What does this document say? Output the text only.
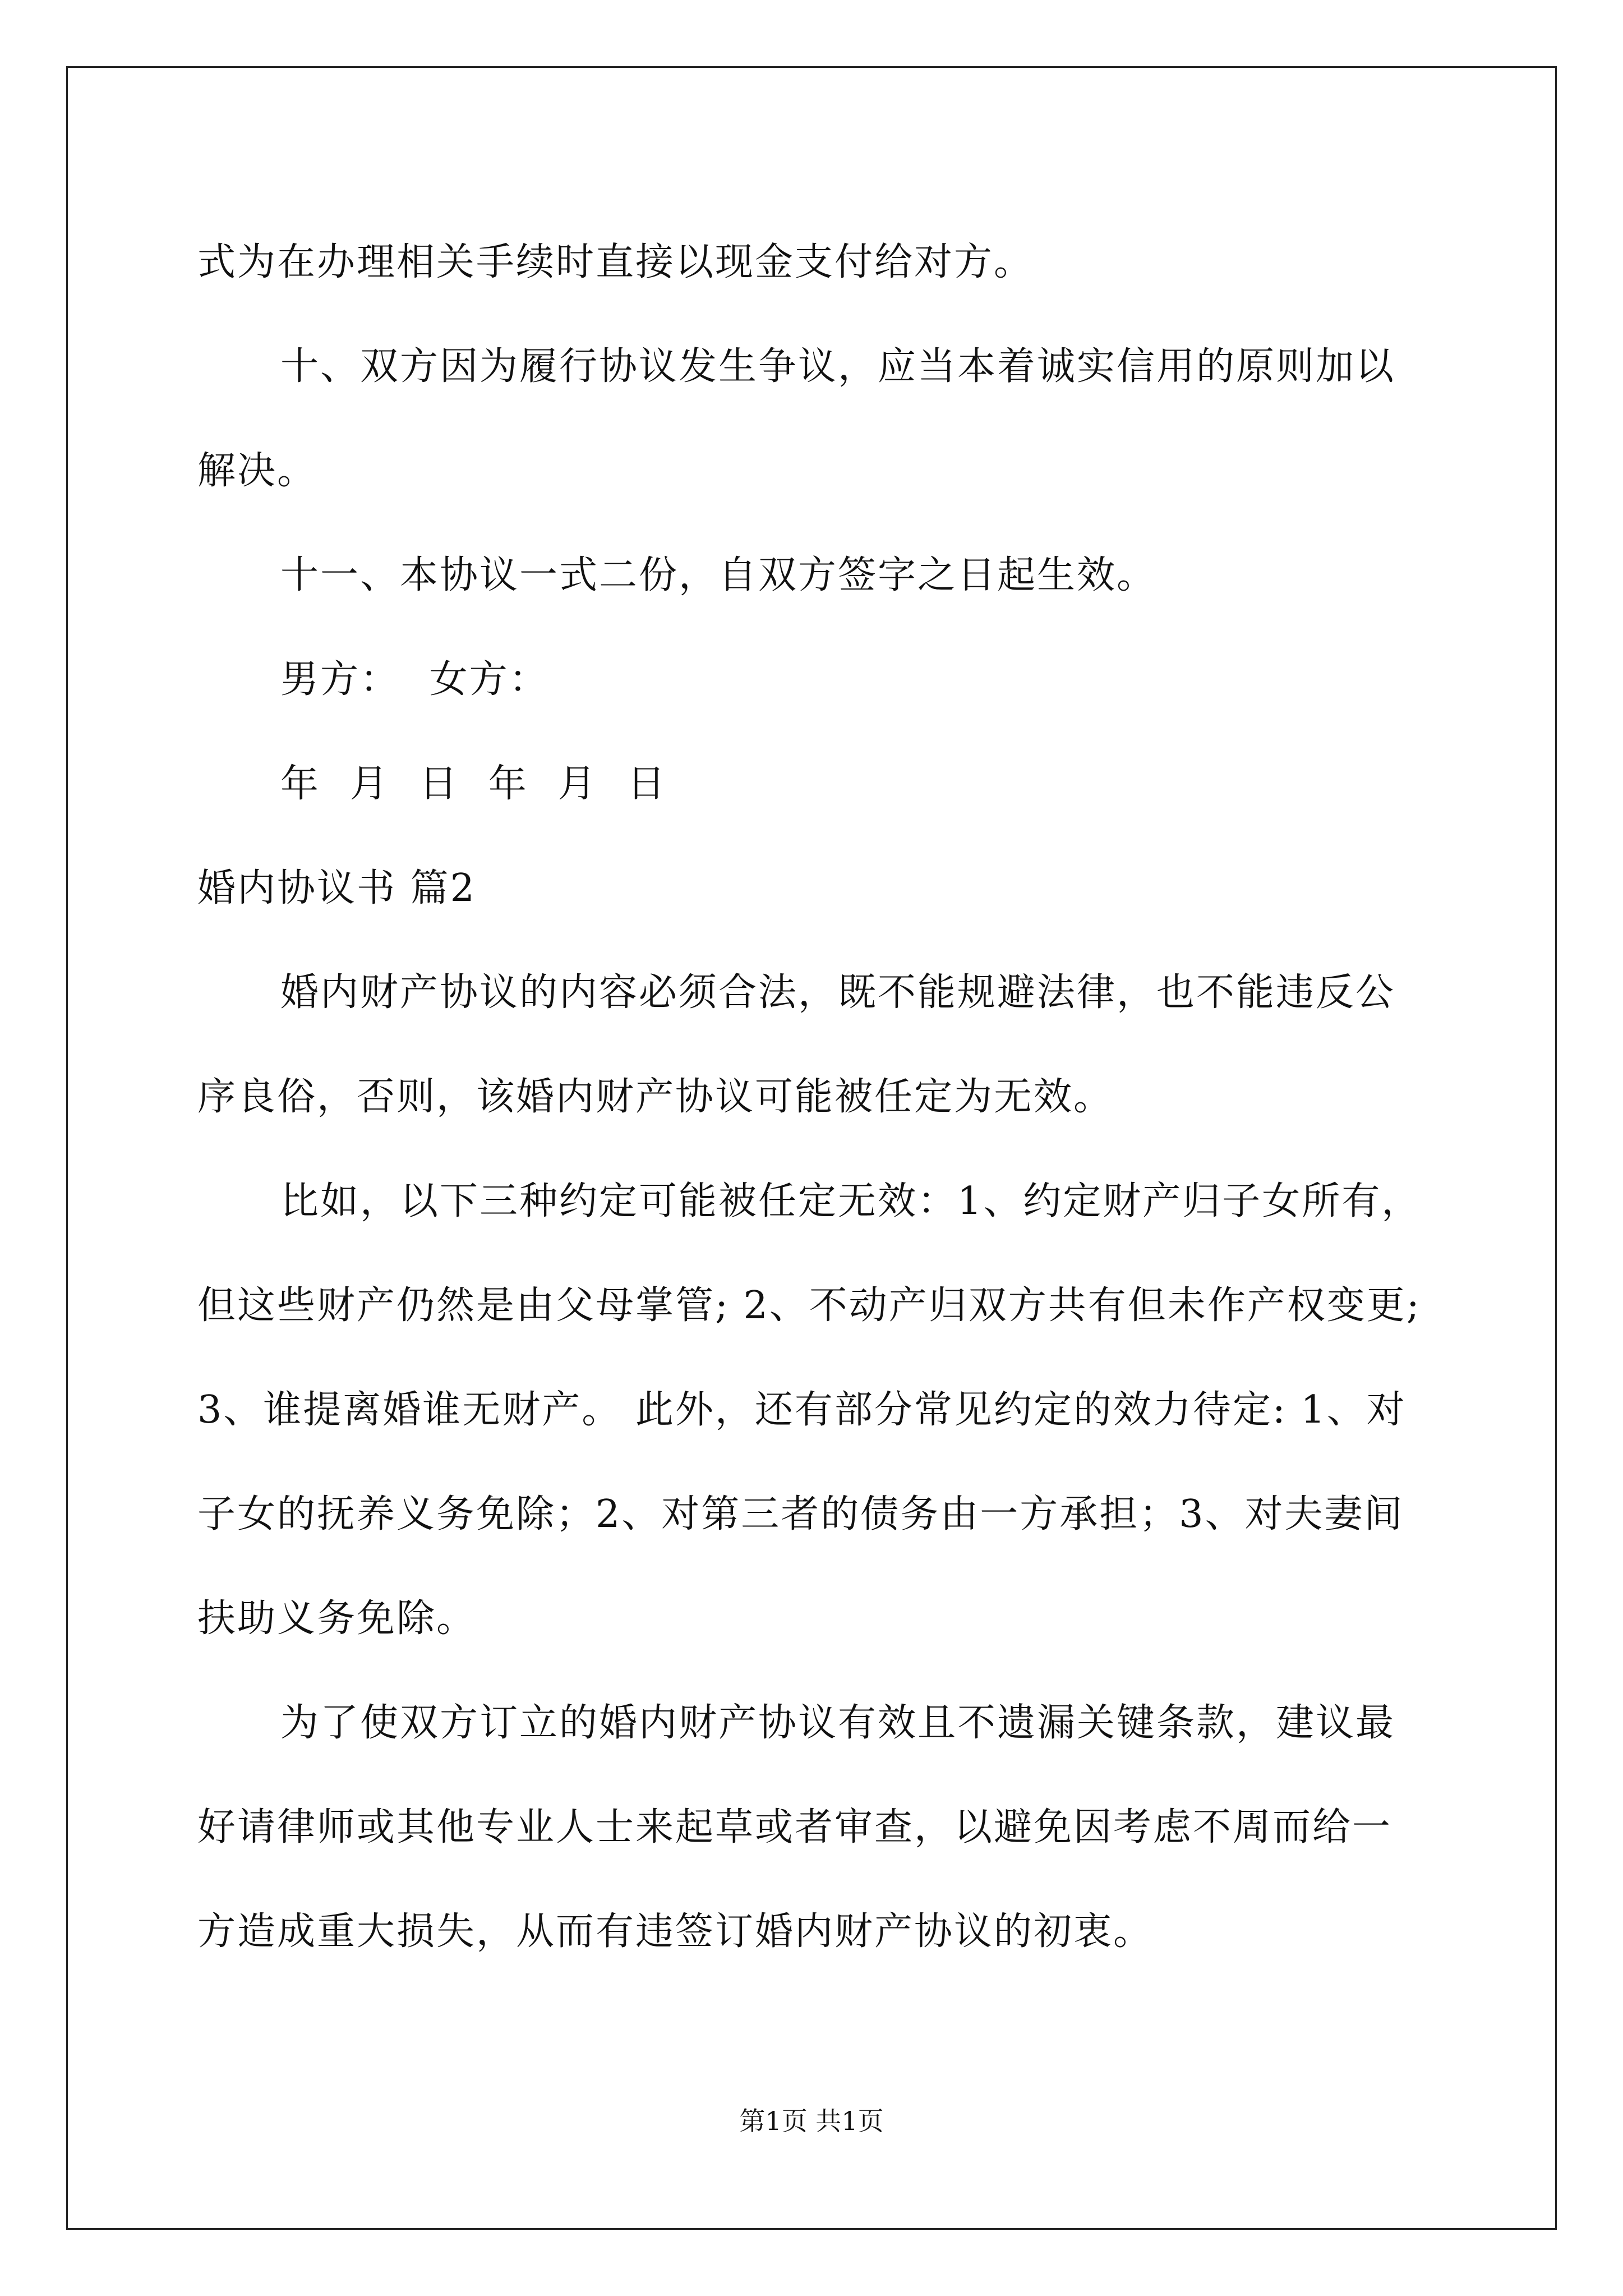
式为在办理相关手续时直接以现金支付给对方。
十、双方因为履行协议发生争议，应当本着诚实信用的原则加以
解决。
十一、本协议一式二份，自双方签字之日起生效。
男方： 女方：
年 月 日 年 月 日
婚内协议书 篇2
婚内财产协议的内容必须合法，既不能规避法律，也不能违反公
序良俗，否则，该婚内财产协议可能被任定为无效。
比如，以下三种约定可能被任定无效：1、约定财产归子女所有，
但这些财产仍然是由父母掌管; 2、不动产归双方共有但未作产权变更;
3、谁提离婚谁无财产。 此外，还有部分常见约定的效力待定: 1、对
子女的抚养义务免除；2、对第三者的债务由一方承担；3、对夫妻间
扶助义务免除。
为了使双方订立的婚内财产协议有效且不遗漏关键条款，建议最
好请律师或其他专业人士来起草或者审查，以避免因考虑不周而给一
方造成重大损失，从而有违签订婚内财产协议的初衷。
第1页 共1页
